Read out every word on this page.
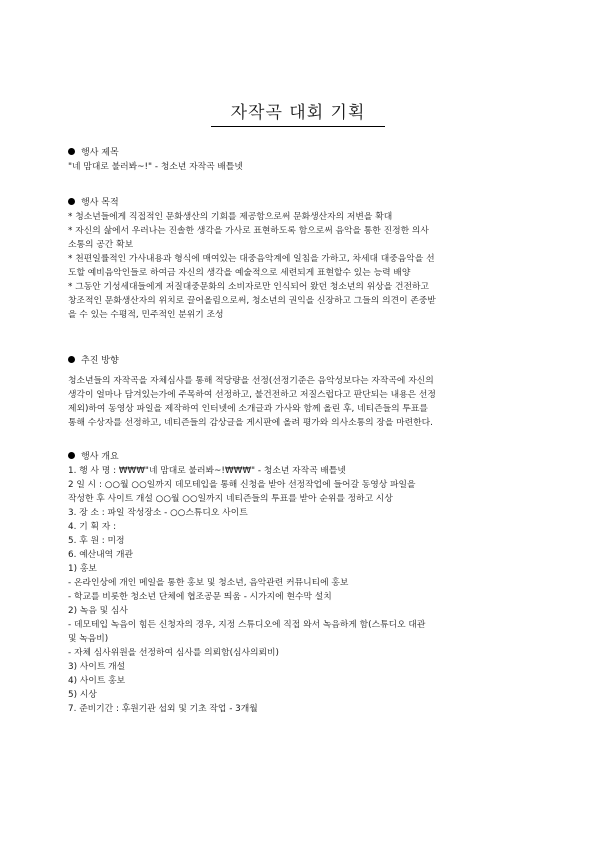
자작곡 대회 기획
행사 제목
"네 맘대로 불러봐~!" - 청소년 자작곡 배틀넷
행사 목적
* 청소년들에게 직접적인 문화생산의 기회를 제공함으로써 문화생산자의 저변을 확대
* 자신의 삶에서 우러나는 진솔한 생각을 가사로 표현하도록 함으로써 음악을 통한 진정한 의사
소통의 공간 확보
* 천편일률적인 가사내용과 형식에 매여있는 대중음악계에 일침을 가하고, 차세대 대중음악을 선
도할 예비음악인들로 하여금 자신의 생각을 예술적으로 세련되게 표현할수 있는 능력 배양
* 그동안 기성세대들에게 저질대중문화의 소비자로만 인식되어 왔던 청소년의 위상을 건전하고
창조적인 문화생산자의 위치로 끌어올림으로써, 청소년의 권익을 신장하고 그들의 의견이 존중받
을 수 있는 수평적, 민주적인 분위기 조성
추진 방향
청소년들의 자작곡을 자체심사를 통해 적당량을 선정(선정기준은 음악성보다는 자작곡에 자신의
생각이 얼마나 담겨있는가에 주목하여 선정하고, 불건전하고 저질스럽다고 판단되는 내용은 선정
제외)하여 동영상 파일을 제작하여 인터넷에 소개글과 가사와 함께 올린 후, 네티즌들의 투표를
통해 수상자를 선정하고, 네티즌들의 감상글을 게시판에 올려 평가와 의사소통의 장을 마련한다.
행사 개요
1. 행 사 명 : ₩₩₩"네 맘대로 불러봐~!₩₩₩" - 청소년 자작곡 배틀넷
2 일 시 : ○○월 ○○일까지 데모테입을 통해 신청을 받아 선정작업에 들어갈 동영상 파일을
작성한 후 사이트 개설 ○○월 ○○일까지 네티즌들의 투표를 받아 순위를 정하고 시상
3. 장 소 : 파일 작성장소 - ○○스튜디오 사이트
4. 기 획 자 :
5. 후 원 : 미정
6. 예산내역 개관
1) 홍보
- 온라인상에 개인 메일을 통한 홍보 및 청소년, 음악관련 커뮤니티에 홍보
- 학교를 비롯한 청소년 단체에 협조공문 띄움 - 시가지에 현수막 설치
2) 녹음 및 심사
- 데모테입 녹음이 힘든 신청자의 경우, 지정 스튜디오에 직접 와서 녹음하게 함(스튜디오 대관
및 녹음비)
- 자체 심사위원을 선정하여 심사를 의뢰함(심사의뢰비)
3) 사이트 개설
4) 사이트 홍보
5) 시상
7. 준비기간 : 후원기관 섭외 및 기초 작업 - 3개월
